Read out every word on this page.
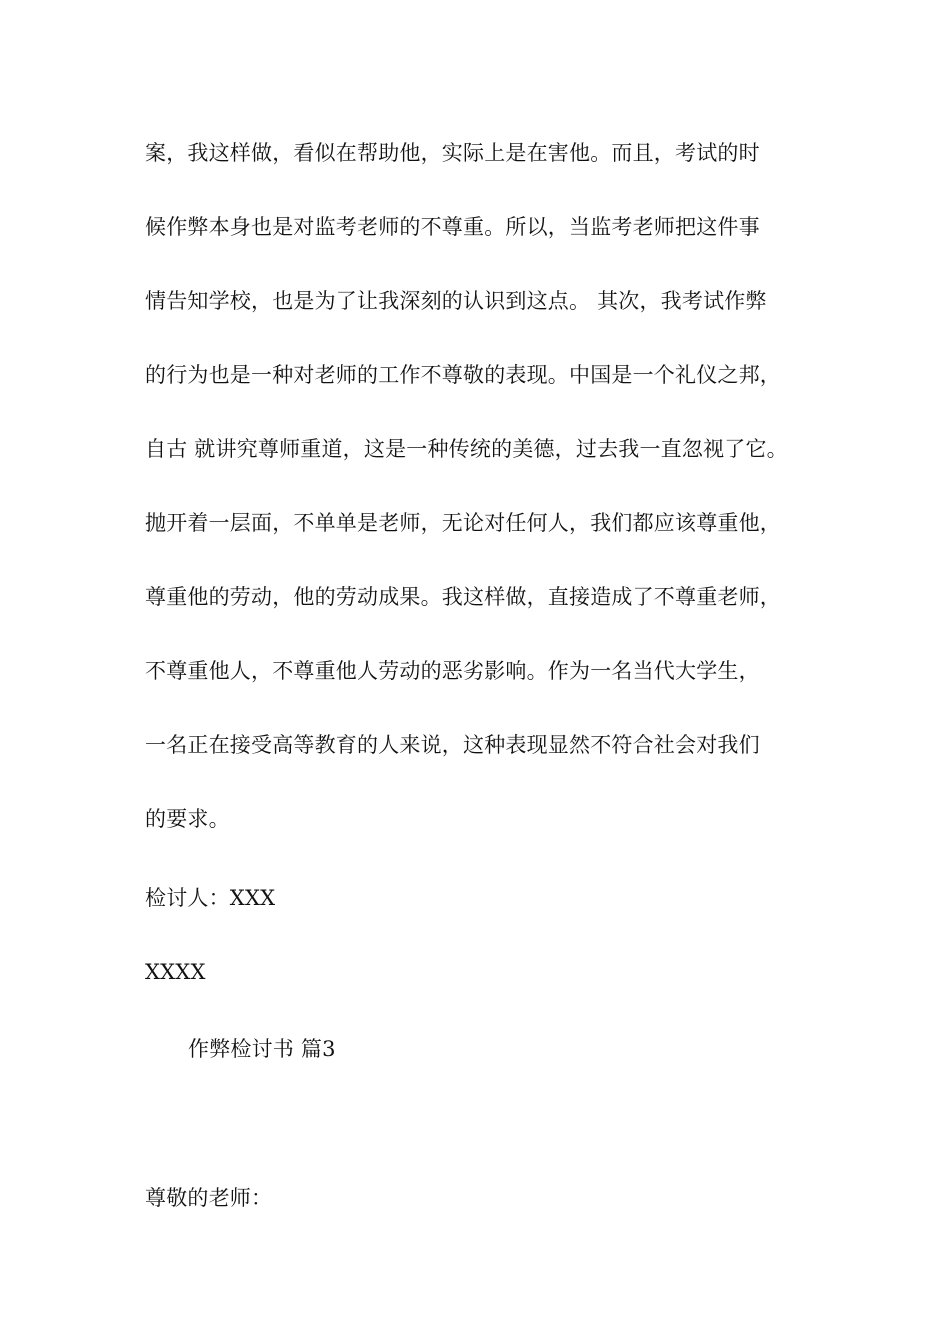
案，我这样做，看似在帮助他，实际上是在害他。而且，考试的时
候作弊本身也是对监考老师的不尊重。所以，当监考老师把这件事
情告知学校，也是为了让我深刻的认识到这点。 其次，我考试作弊
的行为也是一种对老师的工作不尊敬的表现。中国是一个礼仪之邦，
自古 就讲究尊师重道，这是一种传统的美德，过去我一直忽视了它。
抛开着一层面，不单单是老师，无论对任何人，我们都应该尊重他，
尊重他的劳动，他的劳动成果。我这样做，直接造成了不尊重老师，
不尊重他人，不尊重他人劳动的恶劣影响。作为一名当代大学生，
一名正在接受高等教育的人来说，这种表现显然不符合社会对我们
的要求。
检讨人：XXX
XXXX
作弊检讨书 篇3
尊敬的老师：
